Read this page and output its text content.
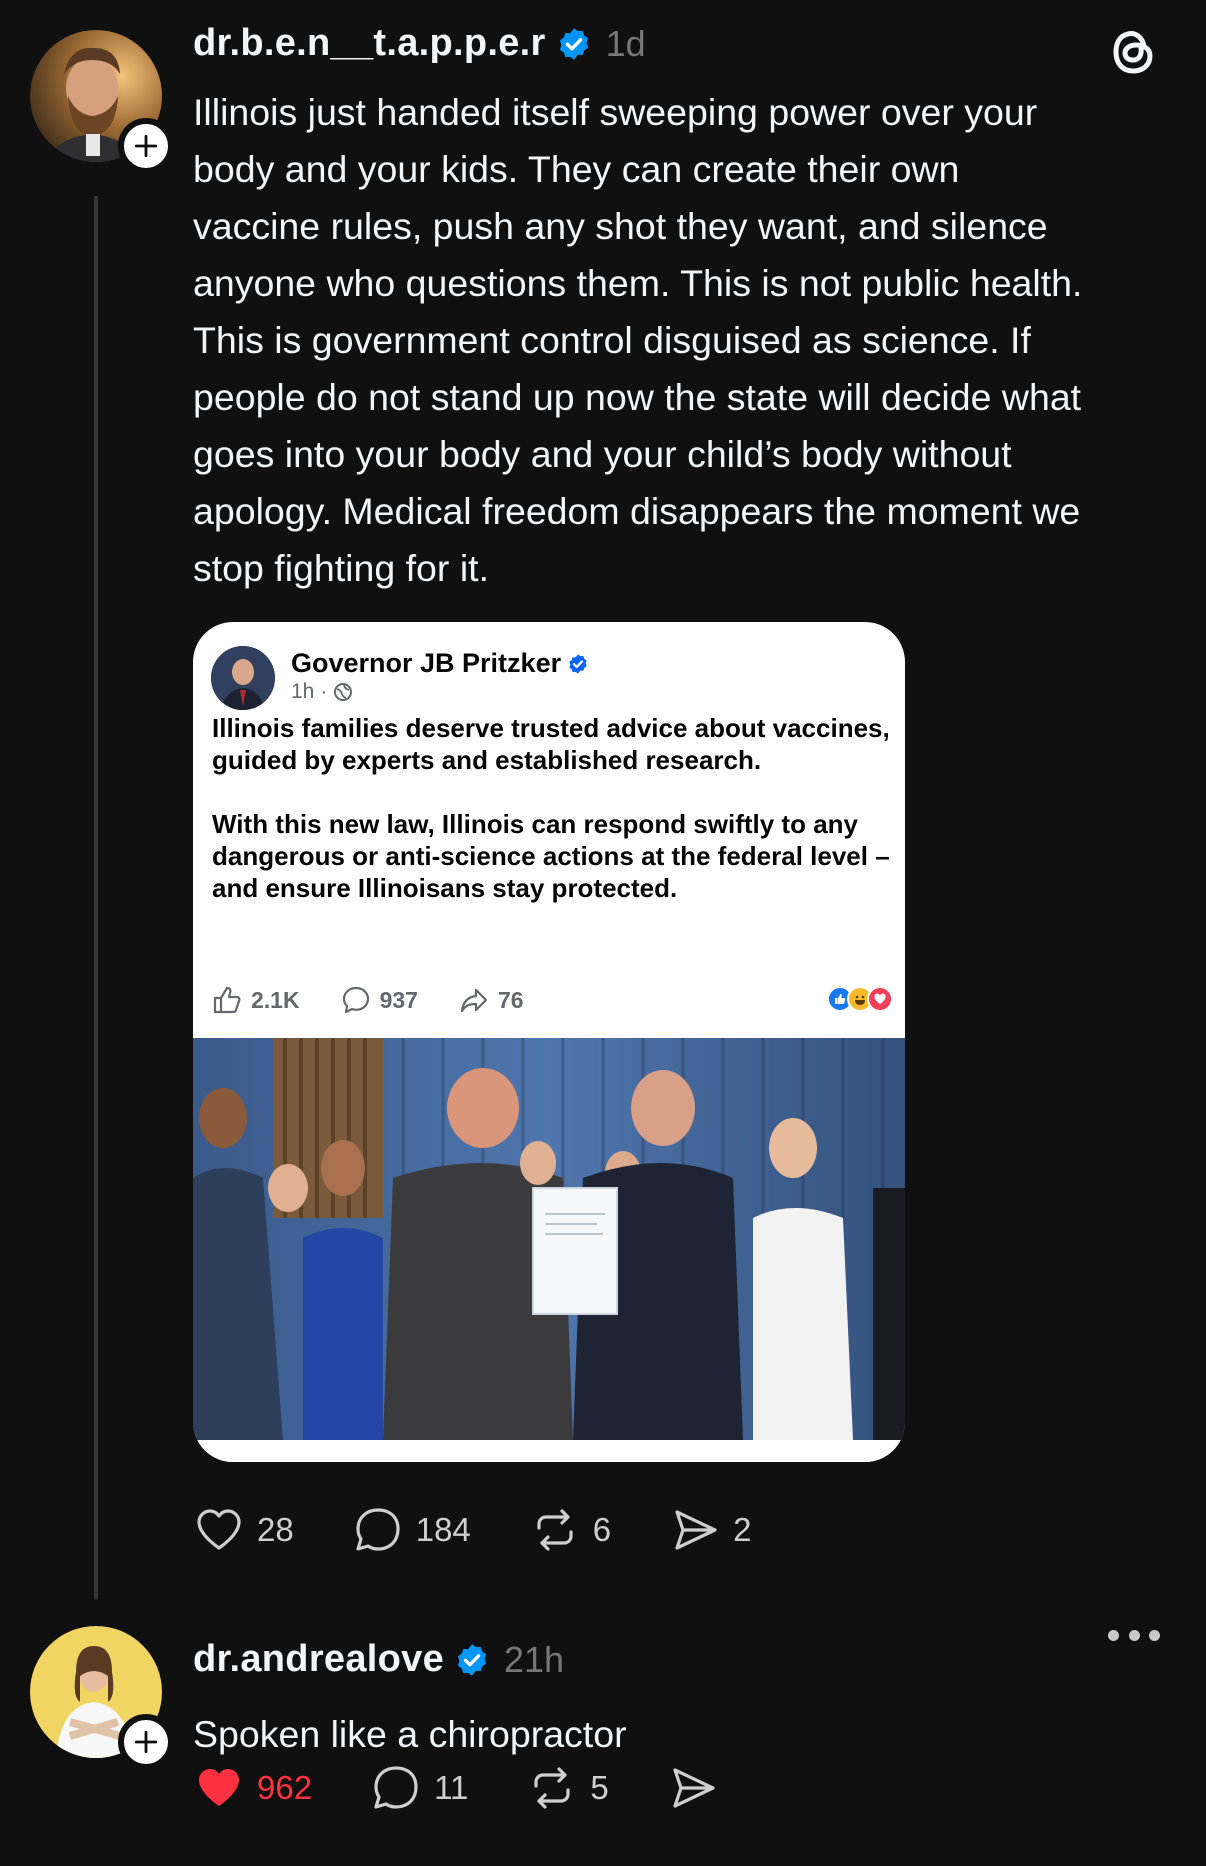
dr.b.e.n__t.a.p.p.e.r 1d
Illinois just handed itself sweeping power over your
body and your kids. They can create their own
vaccine rules, push any shot they want, and silence
anyone who questions them. This is not public health.
This is government control disguised as science. If
people do not stand up now the state will decide what
goes into your body and your child’s body without
apology. Medical freedom disappears the moment we
stop fighting for it.
Governor JB Pritzker
1h ·

Illinois families deserve trusted advice about vaccines, guided by experts and established research.

With this new law, Illinois can respond swiftly to any dangerous or anti-science actions at the federal level – and ensure Illinoisans stay protected.

2.1K	937	76
28	184	6	2
dr.andrealove 21h
Spoken like a chiropractor
962	11	5
